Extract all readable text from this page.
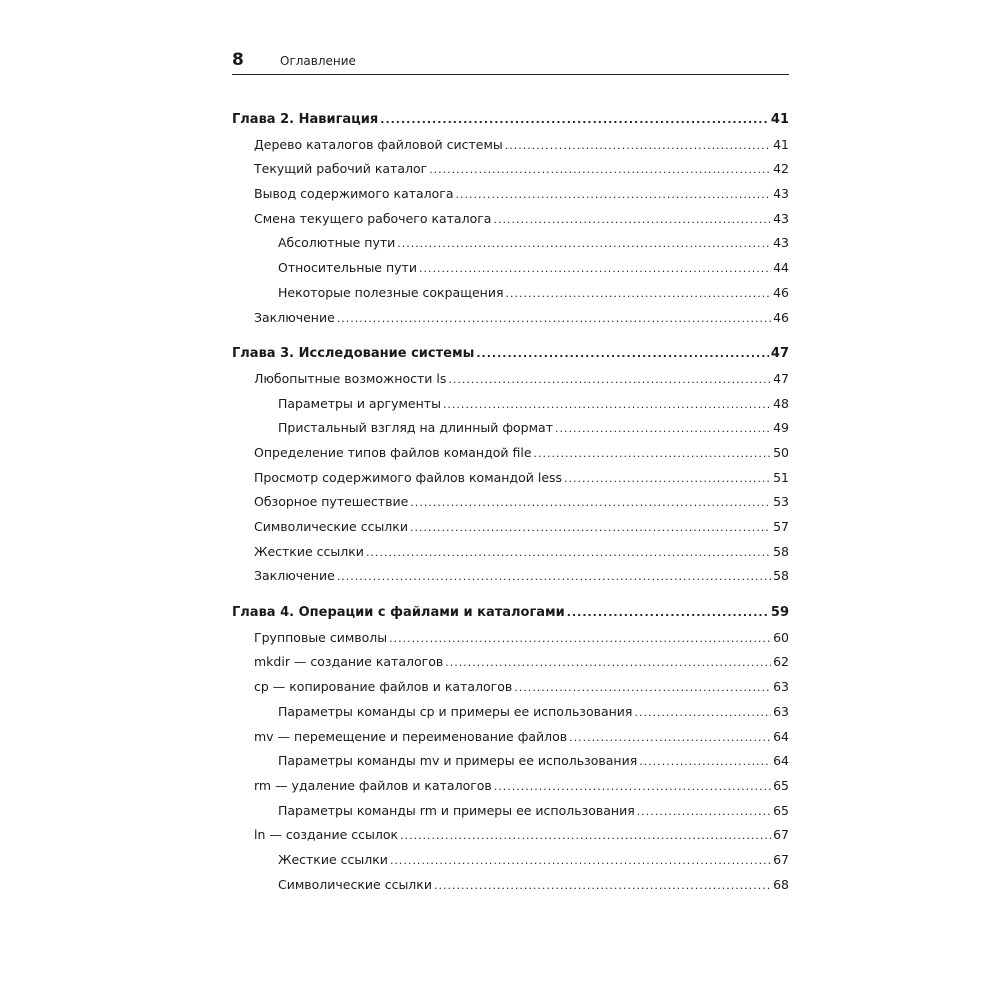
8	Оглавление
Глава 2. Навигация .....	41
Дерево каталогов файловой системы .....	41
Текущий рабочий каталог .....	42
Вывод содержимого каталога .....	43
Смена текущего рабочего каталога .....	43
Абсолютные пути .....	43
Относительные пути .....	44
Некоторые полезные сокращения .....	46
Заключение .....	46
Глава 3. Исследование системы .....	47
Любопытные возможности ls .....	47
Параметры и аргументы .....	48
Пристальный взгляд на длинный формат .....	49
Определение типов файлов командой file .....	50
Просмотр содержимого файлов командой less .....	51
Обзорное путешествие .....	53
Символические ссылки .....	57
Жесткие ссылки .....	58
Заключение .....	58
Глава 4. Операции с файлами и каталогами .....	59
Групповые символы .....	60
mkdir — создание каталогов .....	62
cp — копирование файлов и каталогов .....	63
Параметры команды cp и примеры ее использования .....	63
mv — перемещение и переименование файлов .....	64
Параметры команды mv и примеры ее использования .....	64
rm — удаление файлов и каталогов .....	65
Параметры команды rm и примеры ее использования .....	65
ln — создание ссылок .....	67
Жесткие ссылки .....	67
Символические ссылки .....	68
